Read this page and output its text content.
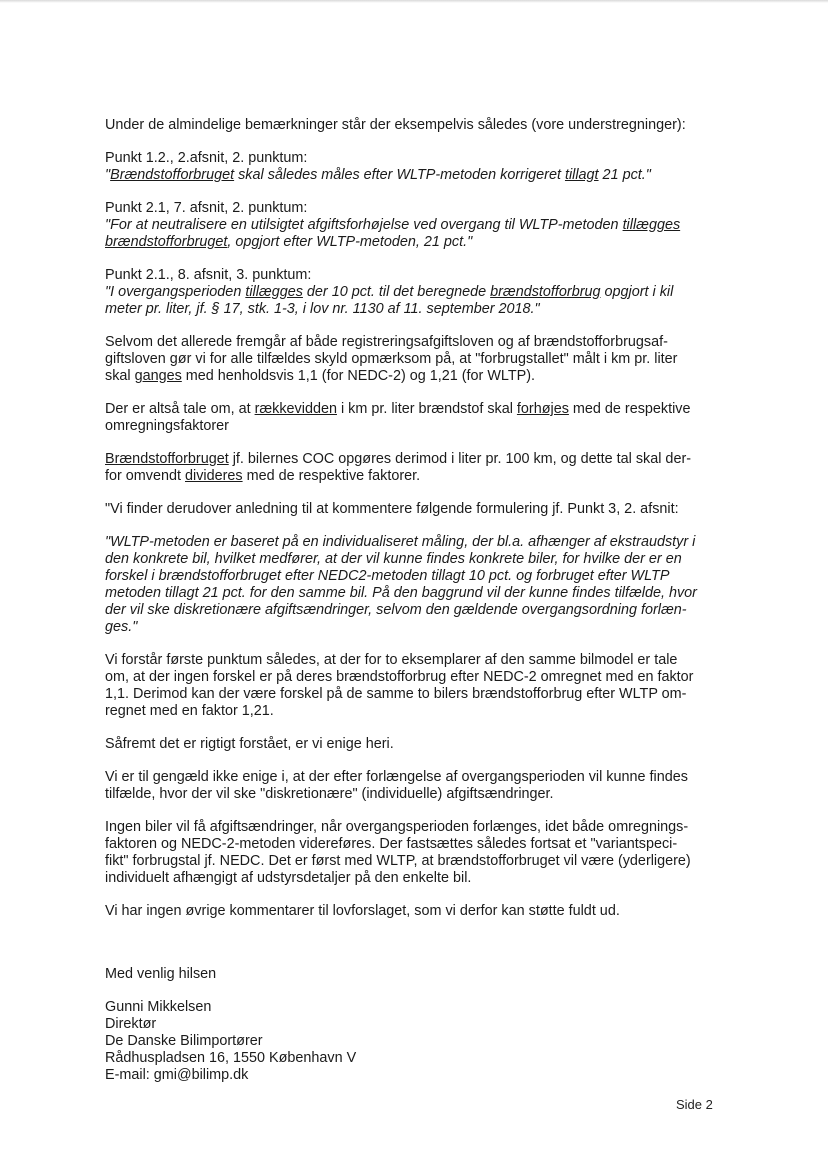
Under de almindelige bemærkninger står der eksempelvis således (vore understregninger):

Punkt 1.2., 2.afsnit, 2. punktum:
"Brændstofforbruget skal således måles efter WLTP-metoden korrigeret tillagt 21 pct."
Punkt 2.1, 7. afsnit, 2. punktum:
"For at neutralisere en utilsigtet afgiftsforhøjelse ved overgang til WLTP-metoden tillægges
brændstofforbruget, opgjort efter WLTP-metoden, 21 pct."
Punkt 2.1., 8. afsnit, 3. punktum:
"I overgangsperioden tillægges der 10 pct. til det beregnede brændstofforbrug opgjort i kil
meter pr. liter, jf. § 17, stk. 1-3, i lov nr. 1130 af 11. september 2018."
Selvom det allerede fremgår af både registreringsafgiftsloven og af brændstofforbrugsaf-
giftsloven gør vi for alle tilfældes skyld opmærksom på, at "forbrugstallet" målt i km pr. liter
skal ganges med henholdsvis 1,1 (for NEDC-2) og 1,21 (for WLTP).
Der er altså tale om, at rækkevidden i km pr. liter brændstof skal forhøjes med de respektive
omregningsfaktorer
Brændstofforbruget jf. bilernes COC opgøres derimod i liter pr. 100 km, og dette tal skal der-
for omvendt divideres med de respektive faktorer.

"Vi finder derudover anledning til at kommentere følgende formulering jf. Punkt 3, 2. afsnit:

"WLTP-metoden er baseret på en individualiseret måling, der bl.a. afhænger af ekstraudstyr i
den konkrete bil, hvilket medfører, at der vil kunne findes konkrete biler, for hvilke der er en
forskel i brændstofforbruget efter NEDC2-metoden tillagt 10 pct. og forbruget efter WLTP
metoden tillagt 21 pct. for den samme bil. På den baggrund vil der kunne findes tilfælde, hvor
der vil ske diskretionære afgiftsændringer, selvom den gældende overgangsordning forlæn-
ges."
Vi forstår første punktum således, at der for to eksemplarer af den samme bilmodel er tale
om, at der ingen forskel er på deres brændstofforbrug efter NEDC-2 omregnet med en faktor
1,1. Derimod kan der være forskel på de samme to bilers brændstofforbrug efter WLTP om-
regnet med en faktor 1,21.

Såfremt det er rigtigt forstået, er vi enige heri.

Vi er til gengæld ikke enige i, at der efter forlængelse af overgangsperioden vil kunne findes
tilfælde, hvor der vil ske "diskretionære" (individuelle) afgiftsændringer.
Ingen biler vil få afgiftsændringer, når overgangsperioden forlænges, idet både omregnings-
faktoren og NEDC-2-metoden videreføres. Der fastsættes således fortsat et "variantspeci-
fikt" forbrugstal jf. NEDC. Det er først med WLTP, at brændstofforbruget vil være (yderligere)
individuelt afhængigt af udstyrsdetaljer på den enkelte bil.

Vi har ingen øvrige kommentarer til lovforslaget, som vi derfor kan støtte fuldt ud.

Med venlig hilsen

Gunni Mikkelsen
Direktør
De Danske Bilimportører
Rådhuspladsen 16, 1550 København V
E-mail: gmi@bilimp.dk
Side 2
